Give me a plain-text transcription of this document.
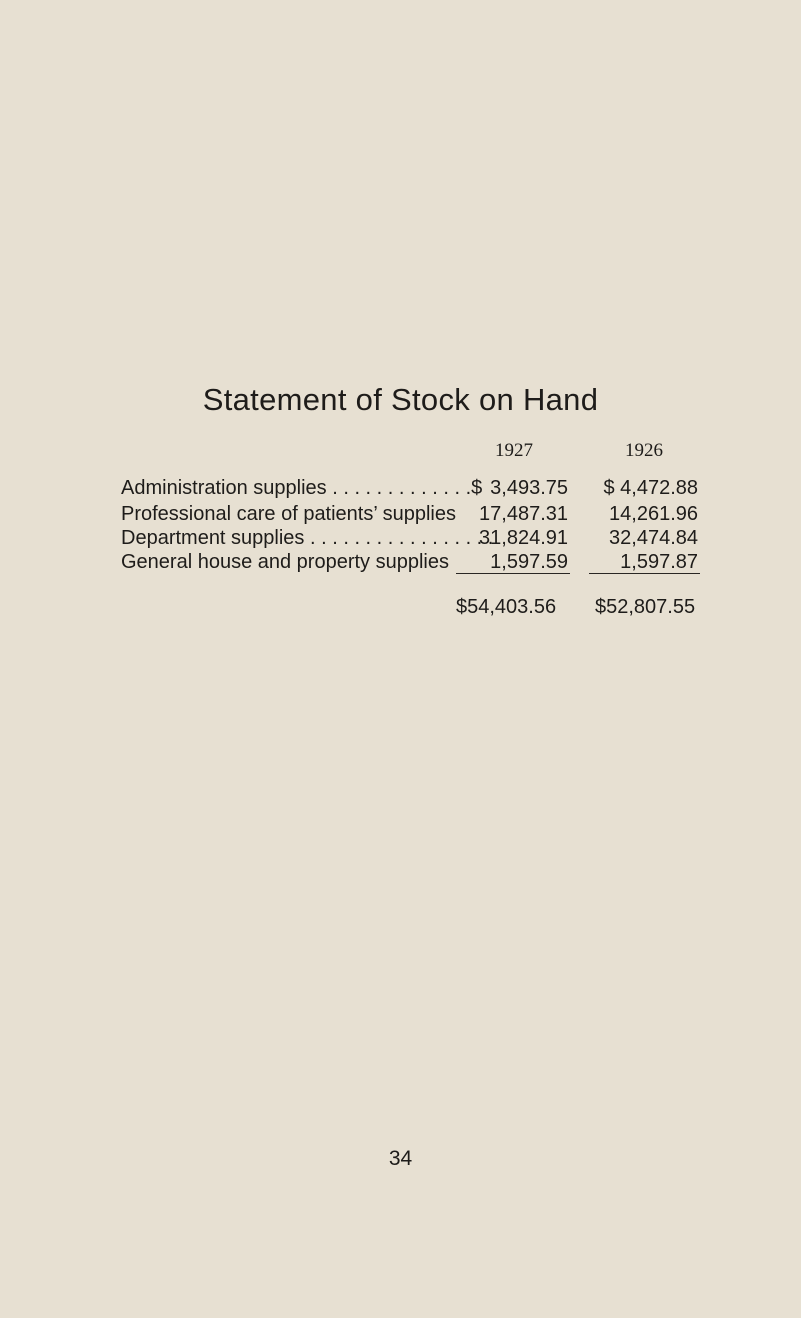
Statement of Stock on Hand
1927	1926
Administration supplies . . . . . . . . . . . . .$ 3,493.75 $ 4,472.88
Professional care of patients’ supplies 17,487.31 14,261.96
Department supplies . . . . . . . . . . . . . . . . .
31,824.91 32,474.84
General house and property supplies 1,597.59	1,597.87
$54,403.56 $52,807.55
34
